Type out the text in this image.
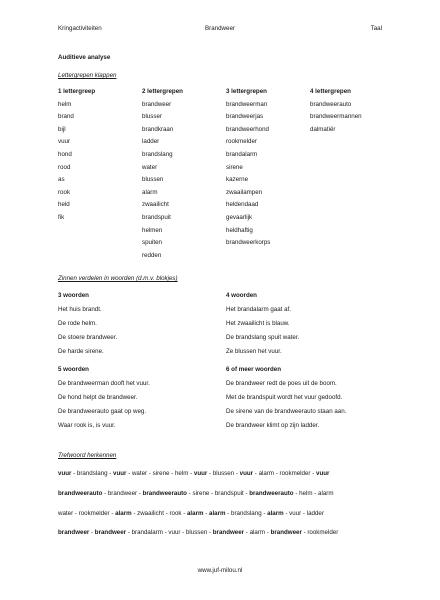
Kringactiviteiten	Brandweer	Taal
Auditieve analyse
Lettergrepen klappen
1 lettergreep
helm
brand
bijl
vuur
hond
rood
as
rook
held
fik
2 lettergrepen
brandweer
blusser
brandkraan
ladder
brandslang
water
blussen
alarm
zwaailicht
brandspuit
helmen
spuiten
redden
3 lettergrepen
brandweerman
brandweerjas
brandweerhond
rookmelder
brandalarm
sirene
kazerne
zwaailampen
heldendaad
gevaarlijk
heldhaftig
brandweerkorps
4 lettergrepen
brandweerauto
brandweermannen
dalmatiër
Zinnen verdelen in woorden (d.m.v. blokjes)
3 woorden
Het huis brandt.
De rode helm.
De stoere brandweer.
De harde sirene.
4 woorden
Het brandalarm gaat af.
Het zwaailicht is blauw.
De brandslang spuit water.
Ze blussen het vuur.
5 woorden
De brandweerman dooft het vuur.
De hond helpt de brandweer.
De brandweerauto gaat op weg.
Waar rook is, is vuur.
6 of meer woorden
De brandweer redt de poes uit de boom.
Met de brandspuit wordt het vuur gedoofd.
De sirene van de brandweerauto staan aan.
De brandweer klimt op zijn ladder.
Trefwoord herkennen
vuur - brandslang - vuur - water - sirene - helm - vuur - blussen - vuur - alarm - rookmelder - vuur
brandweerauto - brandweer - brandweerauto - sirene - brandspuit - brandweerauto - helm - alarm
water - rookmelder - alarm - zwaailicht - rook - alarm - alarm - brandslang - alarm - vuur - ladder
brandweer - brandweer - brandalarm - vuur - blussen - brandweer - alarm - brandweer - rookmelder
www.juf-milou.nl
